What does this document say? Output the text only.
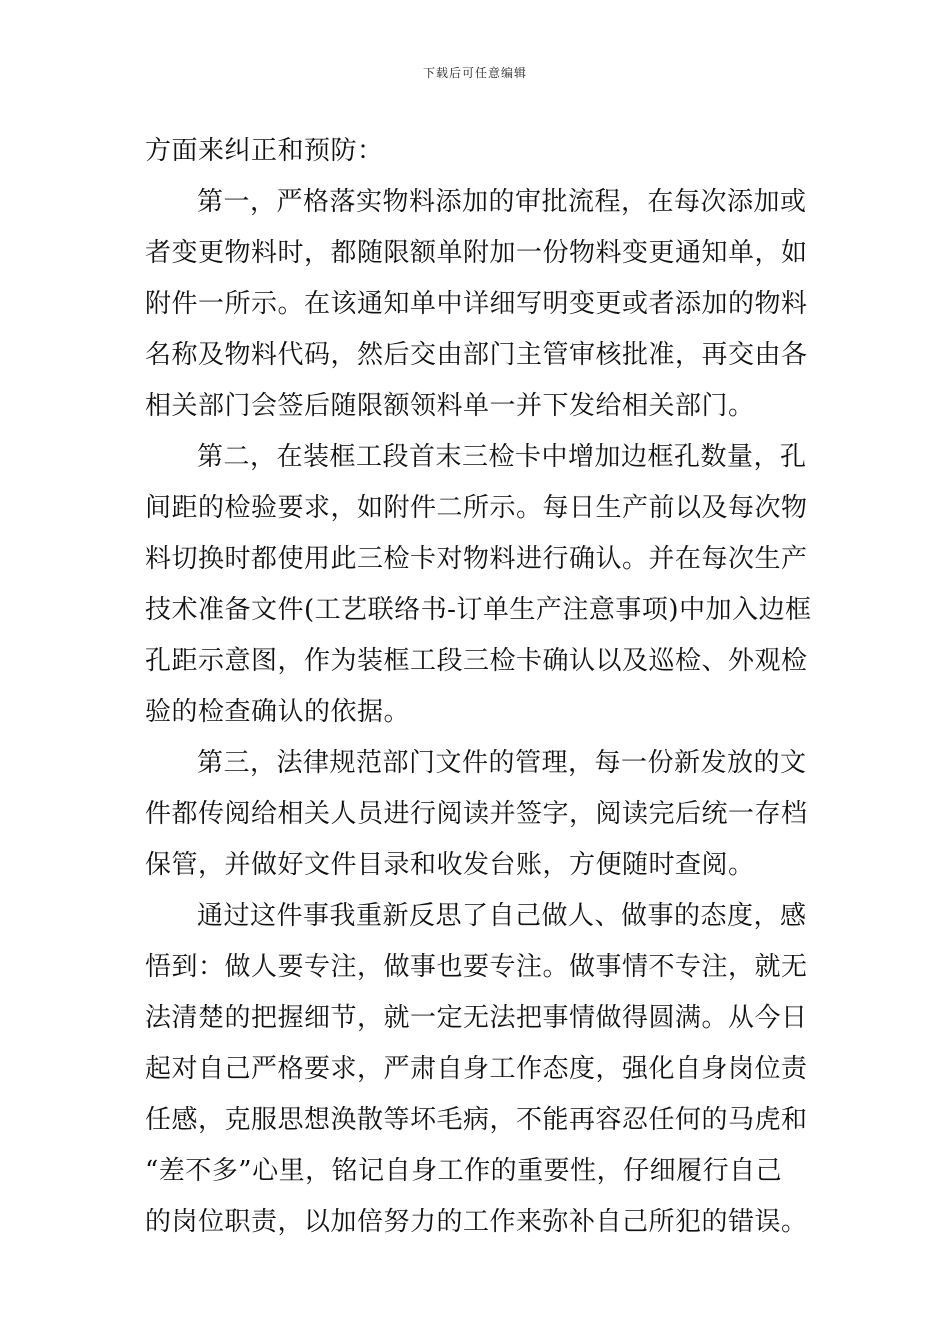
下载后可任意编辑
方面来纠正和预防：
第一，严格落实物料添加的审批流程，在每次添加或
者变更物料时，都随限额单附加一份物料变更通知单，如
附件一所示。在该通知单中详细写明变更或者添加的物料
名称及物料代码，然后交由部门主管审核批准，再交由各
相关部门会签后随限额领料单一并下发给相关部门。
第二，在装框工段首末三检卡中增加边框孔数量，孔
间距的检验要求，如附件二所示。每日生产前以及每次物
料切换时都使用此三检卡对物料进行确认。并在每次生产
技术准备文件(工艺联络书-订单生产注意事项)中加入边框
孔距示意图，作为装框工段三检卡确认以及巡检、外观检
验的检查确认的依据。
第三，法律规范部门文件的管理，每一份新发放的文
件都传阅给相关人员进行阅读并签字，阅读完后统一存档
保管，并做好文件目录和收发台账，方便随时查阅。
通过这件事我重新反思了自己做人、做事的态度，感
悟到：做人要专注，做事也要专注。做事情不专注，就无
法清楚的把握细节，就一定无法把事情做得圆满。从今日
起对自己严格要求，严肃自身工作态度，强化自身岗位责
任感，克服思想涣散等坏毛病，不能再容忍任何的马虎和
“差不多”心里，铭记自身工作的重要性，仔细履行自己
的岗位职责，以加倍努力的工作来弥补自己所犯的错误。
